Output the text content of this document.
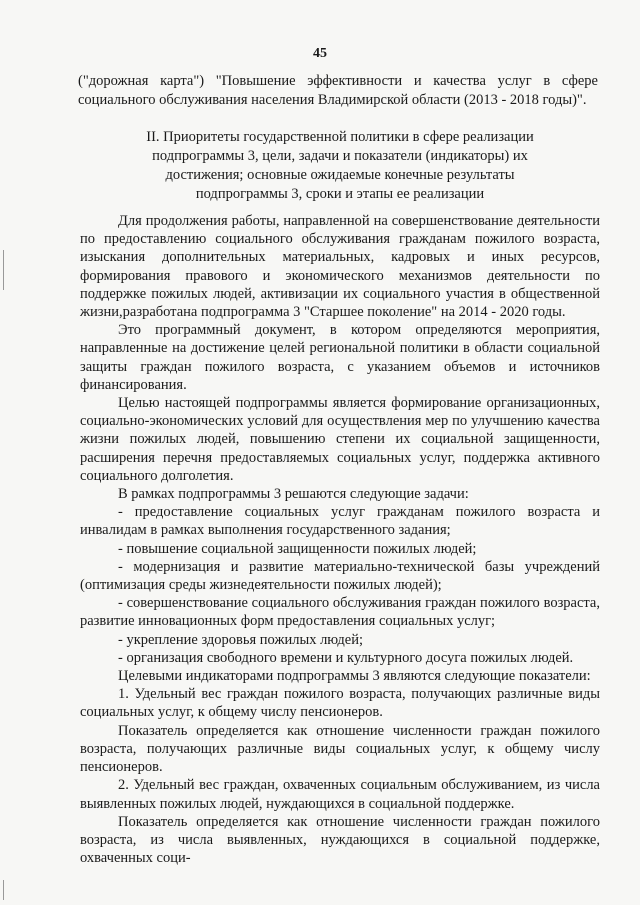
45
("дорожная карта") "Повышение эффективности и качества услуг в сфере социального обслуживания населения Владимирской области (2013 - 2018 годы)".
II. Приоритеты государственной политики в сфере реализации
подпрограммы 3, цели, задачи и показатели (индикаторы) их
достижения; основные ожидаемые конечные результаты
подпрограммы 3, сроки и этапы ее реализации

Для продолжения работы, направленной на совершенствование деятельности по предоставлению социального обслуживания гражданам пожилого возраста, изыскания дополнительных материальных, кадровых и иных ресурсов, формирования правового и экономического механизмов деятельности по поддержке пожилых людей, активизации их социального участия в общественной жизни,разработана подпрограмма 3 "Старшее поколение" на 2014 - 2020 годы.

Это программный документ, в котором определяются мероприятия, направленные на достижение целей региональной политики в области социальной защиты граждан пожилого возраста, с указанием объемов и источников финансирования.

Целью настоящей подпрограммы является формирование организационных, социально-экономических условий для осуществления мер по улучшению качества жизни пожилых людей, повышению степени их социальной защищенности, расширения перечня предоставляемых социальных услуг, поддержка активного социального долголетия.

В рамках подпрограммы 3 решаются следующие задачи:

- предоставление социальных услуг гражданам пожилого возраста и инвалидам в рамках выполнения государственного задания;

- повышение социальной защищенности пожилых людей;

- модернизация и развитие материально-технической базы учреждений (оптимизация среды жизнедеятельности пожилых людей);

- совершенствование социального обслуживания граждан пожилого возраста, развитие инновационных форм предоставления социальных услуг;

- укрепление здоровья пожилых людей;

- организация свободного времени и культурного досуга пожилых людей.

Целевыми индикаторами подпрограммы 3 являются следующие показатели:

1. Удельный вес граждан пожилого возраста, получающих различные виды социальных услуг, к общему числу пенсионеров.

Показатель определяется как отношение численности граждан пожилого возраста, получающих различные виды социальных услуг, к общему числу пенсионеров.

2. Удельный вес граждан, охваченных социальным обслуживанием, из числа выявленных пожилых людей, нуждающихся в социальной поддержке.

Показатель определяется как отношение численности граждан пожилого возраста, из числа выявленных, нуждающихся в социальной поддержке, охваченных соци-
